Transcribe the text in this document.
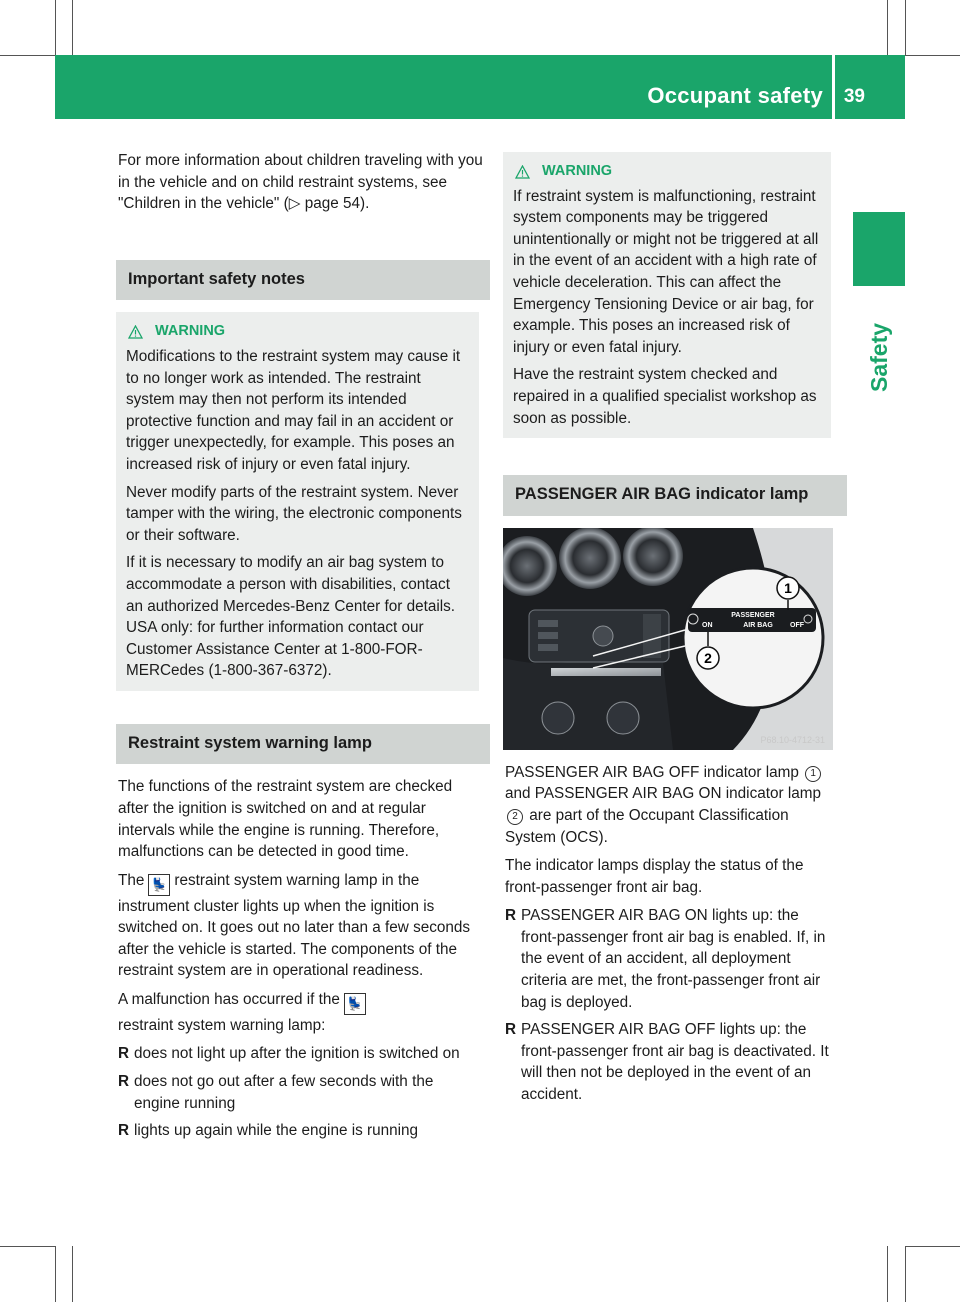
Occupant safety 39
Safety

For more information about children traveling with you in the vehicle and on child restraint systems, see "Children in the vehicle" (▷ page 54).

Important safety notes
WARNING

Modifications to the restraint system may cause it to no longer work as intended. The restraint system may then not perform its intended protective function and may fail in an accident or trigger unexpectedly, for example. This poses an increased risk of injury or even fatal injury.

Never modify parts of the restraint system. Never tamper with the wiring, the electronic components or their software.

If it is necessary to modify an air bag system to accommodate a person with disabilities, contact an authorized Mercedes-Benz Center for details. USA only: for further information contact our Customer Assistance Center at 1-800-FOR-MERCedes (1-800-367-6372).

Restraint system warning lamp

The functions of the restraint system are checked after the ignition is switched on and at regular intervals while the engine is running. Therefore, malfunctions can be detected in good time.

The 💺 restraint system warning lamp in the instrument cluster lights up when the ignition is switched on. It goes out no later than a few seconds after the vehicle is started. The components of the restraint system are in operational readiness.

A malfunction has occurred if the 💺
restraint system warning lamp:

R does not light up after the ignition is switched on
R does not go out after a few seconds with the engine running
R lights up again while the engine is running
WARNING

If restraint system is malfunctioning, restraint system components may be triggered unintentionally or might not be triggered at all in the event of an accident with a high rate of vehicle deceleration. This can affect the Emergency Tensioning Device or air bag, for example. This poses an increased risk of injury or even fatal injury.

Have the restraint system checked and repaired in a qualified specialist workshop as soon as possible.

PASSENGER AIR BAG indicator lamp
PASSENGER
AIR BAG
ON	OFF
1
2
P68.10-4712-31

PASSENGER AIR BAG OFF indicator lamp 1
and PASSENGER AIR BAG ON indicator lamp 2 are part of the Occupant Classification System (OCS).

The indicator lamps display the status of the front-passenger front air bag.

R PASSENGER AIR BAG ON lights up: the front-passenger front air bag is enabled. If, in the event of an accident, all deployment criteria are met, the front-passenger front air bag is deployed.
R PASSENGER AIR BAG OFF lights up: the front-passenger front air bag is deactivated. It will then not be deployed in the event of an accident.
